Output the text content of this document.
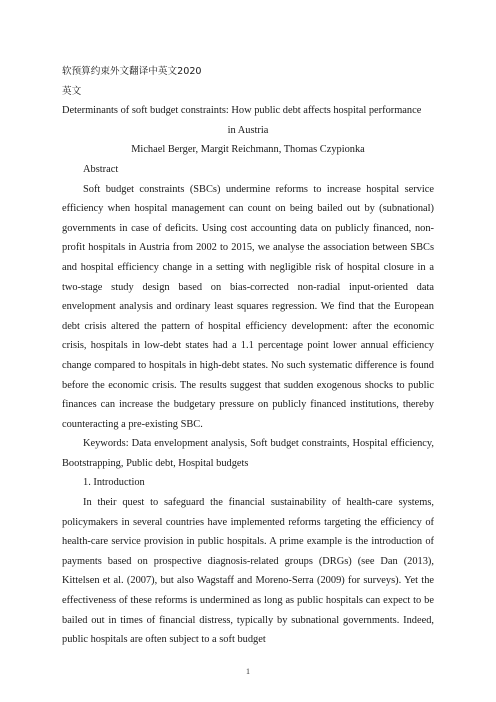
软预算约束外文翻译中英文2020
英文
Determinants of soft budget constraints: How public debt affects hospital performance
in Austria
Michael Berger, Margit Reichmann, Thomas Czypionka
Abstract
Soft budget constraints (SBCs) undermine reforms to increase hospital service efficiency when hospital management can count on being bailed out by (subnational) governments in case of deficits. Using cost accounting data on publicly financed, non-profit hospitals in Austria from 2002 to 2015, we analyse the association between SBCs and hospital efficiency change in a setting with negligible risk of hospital closure in a two-stage study design based on bias-corrected non-radial input-oriented data envelopment analysis and ordinary least squares regression. We find that the European debt crisis altered the pattern of hospital efficiency development: after the economic crisis, hospitals in low-debt states had a 1.1 percentage point lower annual efficiency change compared to hospitals in high-debt states. No such systematic difference is found before the economic crisis. The results suggest that sudden exogenous shocks to public finances can increase the budgetary pressure on publicly financed institutions, thereby counteracting a pre-existing SBC.
Keywords: Data envelopment analysis, Soft budget constraints, Hospital efficiency, Bootstrapping, Public debt, Hospital budgets
1. Introduction
In their quest to safeguard the financial sustainability of health-care systems, policymakers in several countries have implemented reforms targeting the efficiency of health-care service provision in public hospitals. A prime example is the introduction of payments based on prospective diagnosis-related groups (DRGs) (see Dan (2013), Kittelsen et al. (2007), but also Wagstaff and Moreno-Serra (2009) for surveys). Yet the effectiveness of these reforms is undermined as long as public hospitals can expect to be bailed out in times of financial distress, typically by subnational governments. Indeed, public hospitals are often subject to a soft budget
1
